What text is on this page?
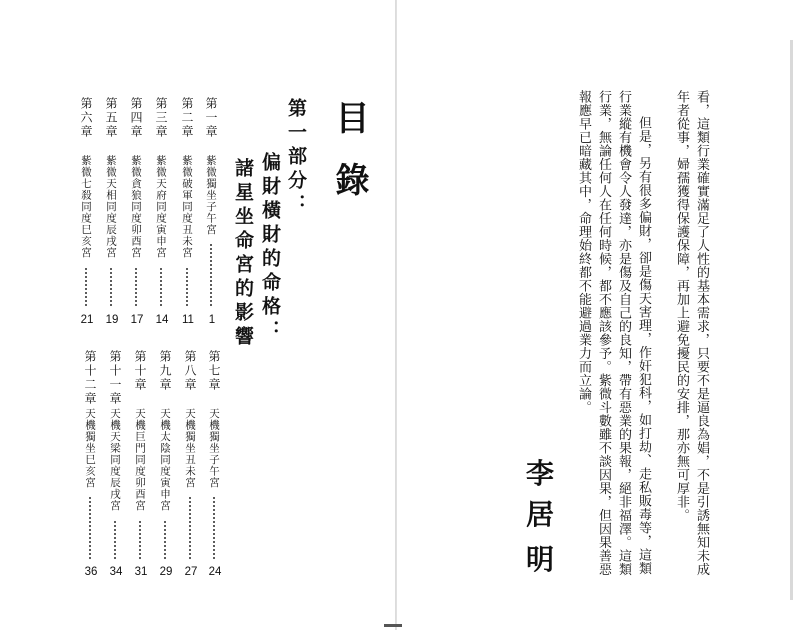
目錄
第一部分：
偏財橫財的命格：
諸星坐命宮的影響
第一章
紫微獨坐子午宮
1
第二章
紫微破軍同度丑未宮
11
第三章
紫微天府同度寅申宮
14
第四章
紫微貪狼同度卯酉宮
17
第五章
紫微天相同度辰戌宮
19
第六章
紫微七殺同度巳亥宮
21
第七章
天機獨坐子午宮
24
第八章
天機獨坐丑未宮
27
第九章
天機太陰同度寅申宮
29
第十章
天機巨門同度卯酉宮
31
第十一章
天機天梁同度辰戌宮
34
第十二章
天機獨坐巳亥宮
36	看，這類行業確實滿足了人性的基本需求，只要不是逼良為娼，不是引誘無知未成
年者從事，婦孺獲得保護保障，再加上避免擾民的安排，那亦無可厚非。
但是，另有很多偏財，卻是傷天害理，作奸犯科，如打劫、走私販毒等，這類
行業縱有機會令人發達，亦是傷及自己的良知，帶有惡業的果報，絕非福澤。這類
行業，無論任何人在任何時候，都不應該參予。紫微斗數雖不談因果，但因果善惡
報應早已暗藏其中，命理始終都不能避過業力而立論。
李
居
明
